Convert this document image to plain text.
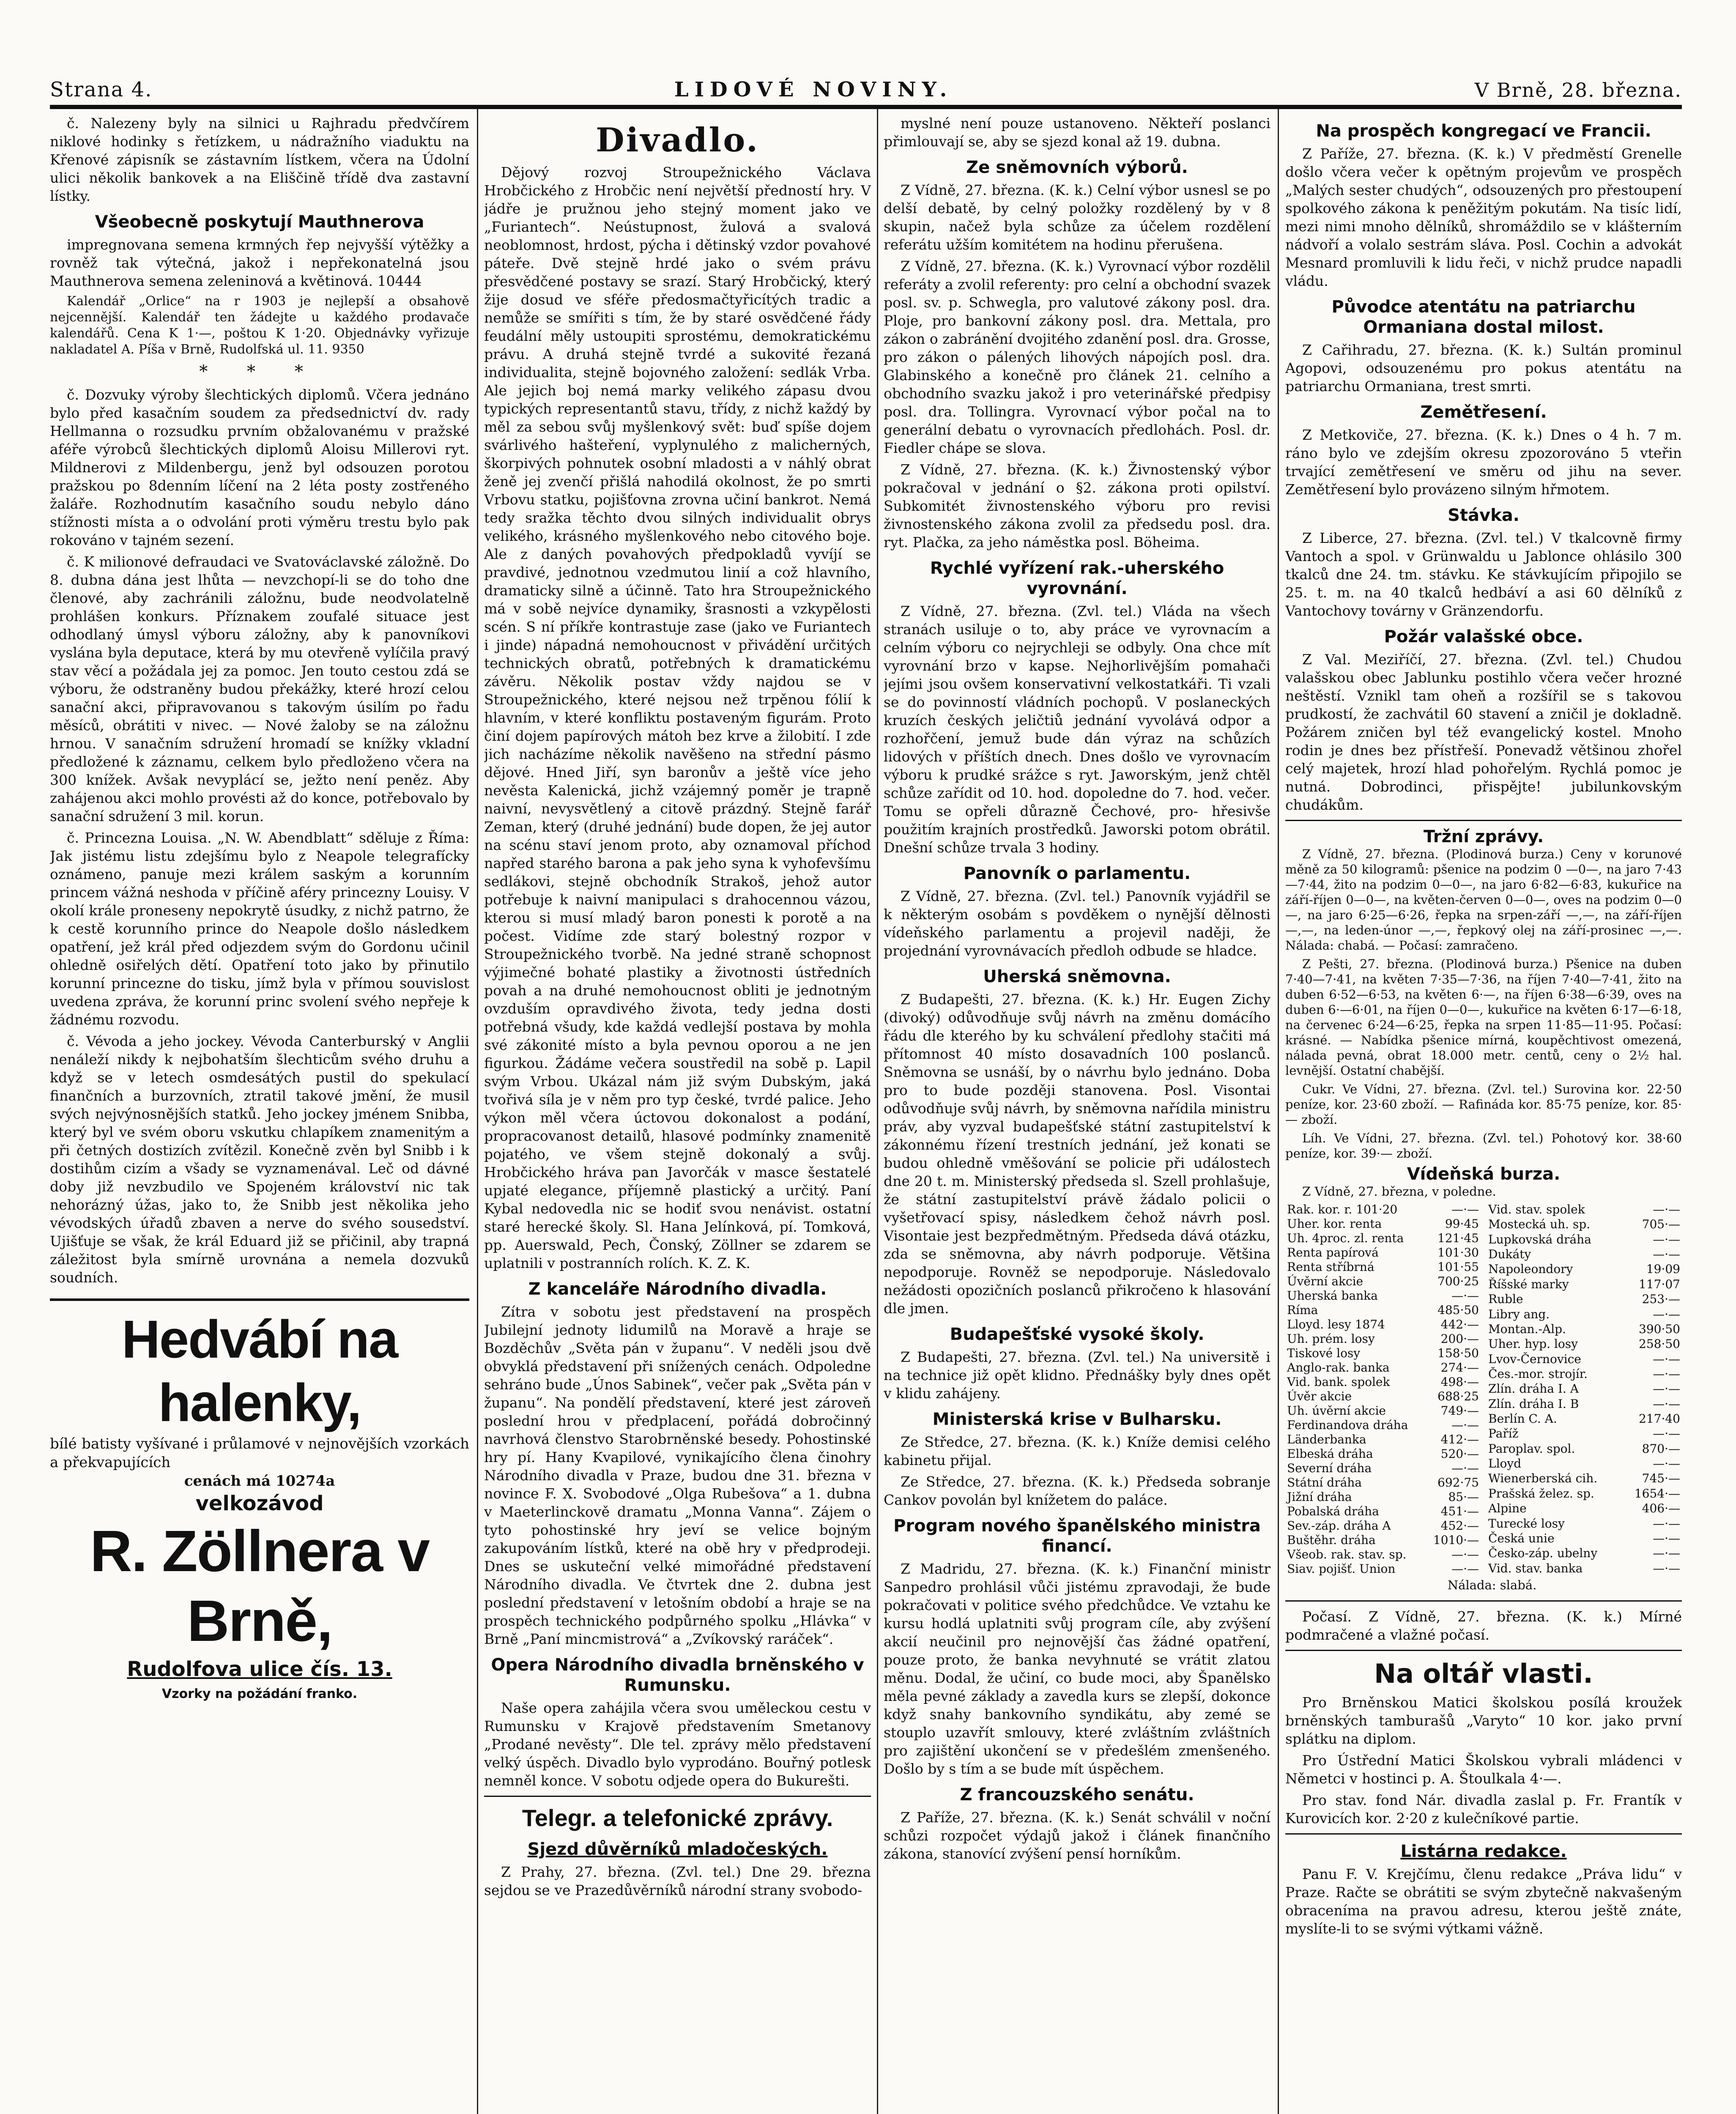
Strana 4.	LIDOVÉ NOVINY.	V Brně, 28. března.

č. Nalezeny byly na silnici u Rajhradu předvčírem niklové hodinky s řetízkem, u nádražního viaduktu na Křenové zápisník se zástavním lístkem, včera na Údolní ulici několik bankovek a na Eliščině třídě dva zastavní lístky.

Všeobecně poskytují Mauthnerova

impregnovana semena krmných řep nejvyšší výtěžky a rovněž tak výtečná, jakož i nepřekonatelná jsou Mauthnerova semena zeleninová a květinová. 10444

Kalendář „Orlice“ na r 1903 je nejlepší a obsahově nejcennější. Kalendář ten žádejte u každého prodavače kalendářů. Cena K 1·—, poštou K 1·20. Objednávky vyřizuje nakladatel A. Píša v Brně, Rudolfská ul. 11. 9350

* * *

č. Dozvuky výroby šlechtických diplomů. Včera jednáno bylo před kasačním soudem za předsednictví dv. rady Hellmanna o rozsudku prvním obžalovanému v pražské aféře výrobců šlechtických diplomů Aloisu Millerovi ryt. Mildnerovi z Mildenbergu, jenž byl odsouzen porotou pražskou po 8denním líčení na 2 léta posty zostřeného žaláře. Rozhodnutím kasačního soudu nebylo dáno stížnosti místa a o odvolání proti výměru trestu bylo pak rokováno v tajném sezení.

č. K milionové defraudaci ve Svatováclavské záložně. Do 8. dubna dána jest lhůta — nevzchopí-li se do toho dne členové, aby zachránili záložnu, bude neodvolatelně prohlášen konkurs. Příznakem zoufalé situace jest odhodlaný úmysl výboru záložny, aby k panovníkovi vyslána byla deputace, která by mu otevřeně vylíčila pravý stav věcí a požádala jej za pomoc. Jen touto cestou zdá se výboru, že odstraněny budou překážky, které hrozí celou sanační akci, připravovanou s takovým úsilím po řadu měsíců, obrátiti v nivec. — Nové žaloby se na záložnu hrnou. V sanačním sdružení hromadí se knížky vkladní předložené k záznamu, celkem bylo předloženo včera na 300 knížek. Avšak nevyplácí se, ježto není peněz. Aby zahájenou akci mohlo provésti až do konce, potřebovalo by sanační sdružení 3 mil. korun.

č. Princezna Louisa. „N. W. Abendblatt“ sděluje z Říma: Jak jistému listu zdejšímu bylo z Neapole telegrafícky oznámeno, panuje mezi králem saským a korunním princem vážná neshoda v příčině aféry princezny Louisy. V okolí krále proneseny nepokrytě úsudky, z nichž patrno, že k cestě korunního prince do Neapole došlo následkem opatření, jež král před odjezdem svým do Gordonu učinil ohledně osiřelých dětí. Opatření toto jako by přinutilo korunní princezne do tisku, jímž byla v přímou souvislost uvedena zpráva, že korunní princ svolení svého nepřeje k žádnému rozvodu.

č. Vévoda a jeho jockey. Vévoda Canterburský v Anglii nenáleží nikdy k nejbohatším šlechticům svého druhu a když se v letech osmdesátých pustil do spekulací finančních a burzovních, ztratil takové jmění, že musil svých nejvýnosnějších statků. Jeho jockey jménem Snibba, který byl ve svém oboru vskutku chlapíkem znamenitým a při četných dostizích zvítězil. Konečně zvěn byl Snibb i k dostihům cizím a všady se vyznamenával. Leč od dávné doby již nevzbudilo ve Spojeném království nic tak nehorázný úžas, jako to, že Snibb jest několika jeho vévodských úřadů zbaven a nerve do svého sousedství. Ujišťuje se však, že král Eduard již se přičinil, aby trapná záležitost byla smírně urovnána a nemela dozvuků soudních.

Hedvábí na halenky,
bílé batisty vyšívané i průlamové v nejnovějších vzorkách a překvapujících
cenách má 10274a
velkozávod
R. Zöllnera v Brně,
Rudolfova ulice čís. 13.
Vzorky na požádání franko.
Divadlo.

Dějový rozvoj Stroupežnického Václava Hrobčického z Hrobčic není největší předností hry. V jádře je pružnou jeho stejný moment jako ve „Furiantech“. Neústupnost, žulová a svalová neoblomnost, hrdost, pýcha i dětinský vzdor povahové páteře. Dvě stejně hrdé jako o svém právu přesvědčené postavy se srazí. Starý Hrobčický, který žije dosud ve sféře předosmačtyřicítých tradic a nemůže se smířiti s tím, že by staré osvědčené řády feudální měly ustoupiti sprostému, demokratickému právu. A druhá stejně tvrdé a sukovité řezaná individualita, stejně bojovného založení: sedlák Vrba. Ale jejich boj nemá marky velikého zápasu dvou typických representantů stavu, třídy, z nichž každý by měl za sebou svůj myšlenkový svět: buď spíše dojem svárlivého hašteření, vyplynulého z malicherných, škorpivých pohnutek osobní mladosti a v náhlý obrat ženě jej zvenčí přišlá nahodilá okolnost, že po smrti Vrbovu statku, pojišťovna zrovna učiní bankrot. Nemá tedy sražka těchto dvou silných individualit obrys velikého, krásného myšlenkového nebo citového boje. Ale z daných povahových předpokladů vyvíjí se pravdivé, jednotnou vzedmutou linií a což hlavního, dramaticky silně a účinně. Tato hra Stroupežnického má v sobě nejvíce dynamiky, šrasnosti a vzkypělosti scén. S ní příkře kontrastuje zase (jako ve Furiantech i jinde) nápadná nemohoucnost v přivádění určitých technických obratů, potřebných k dramatickému závěru. Několik postav vždy najdou se v Stroupežnického, které nejsou než trpěnou fólií k hlavním, v které konfliktu postaveným figurám. Proto činí dojem papírových mátoh bez krve a žilobití. I zde jich nacházíme několik navěšeno na střední pásmo dějové. Hned Jiří, syn baronův a ještě více jeho nevěsta Kalenická, jichž vzájemný poměr je trapně naivní, nevysvětlený a citově prázdný. Stejně farář Zeman, který (druhé jednání) bude dopen, že jej autor na scénu staví jenom proto, aby oznamoval příchod napřed starého barona a pak jeho syna k vyhofevšímu sedlákovi, stejně obchodník Strakoš, jehož autor potřebuje k naivní manipulaci s drahocennou vázou, kterou si musí mladý baron ponesti k porotě a na počest. Vidíme zde starý bolestný rozpor v Stroupežnického tvorbě. Na jedné straně schopnost výjimečné bohaté plastiky a životnosti ústředních povah a na druhé nemohoucnost obliti je jednotným ovzduším opravdivého života, tedy jedna dosti potřebná všudy, kde každá vedlejší postava by mohla své zákonité místo a byla pevnou oporou a ne jen figurkou. Žádáme večera soustředil na sobě p. Lapil svým Vrbou. Ukázal nám již svým Dubským, jaká tvořivá síla je v něm pro typ české, tvrdé palice. Jeho výkon měl včera úctovou dokonalost a podání, propracovanost detailů, hlasové podmínky znamenitě pojatého, ve všem stejně dokonalý a svůj. Hrobčického hráva pan Javorčák v masce šestatelé upjaté elegance, příjemně plastický a určitý. Paní Kybal nedovedla nic se hodiť svou nenávist. ostatní staré herecké školy. Sl. Hana Jelínková, pí. Tomková, pp. Auerswald, Pech, Čonský, Zöllner se zdarem se uplatnili v postranních rolích. K. Z. K.

Z kanceláře Národního divadla.

Zítra v sobotu jest představení na prospěch Jubilejní jednoty lidumilů na Moravě a hraje se Bozděchův „Světa pán v županu“. V neděli jsou dvě obvyklá představení při snížených cenách. Odpoledne sehráno bude „Únos Sabinek“, večer pak „Světa pán v županu“. Na pondělí představení, které jest zároveň poslední hrou v předplacení, pořádá dobročinný navrhová členstvo Starobrněnské besedy. Pohostinské hry pí. Hany Kvapilové, vynikajícího člena činohry Národního divadla v Praze, budou dne 31. března v novince F. X. Svobodové „Olga Rubešova“ a 1. dubna v Maeterlinckově dramatu „Monna Vanna“. Zájem o tyto pohostinské hry jeví se velice bojným zakupováním lístků, které na obě hry v předprodeji. Dnes se uskuteční velké mimořádné představení Národního divadla. Ve čtvrtek dne 2. dubna jest poslední představení v letošním období a hraje se na prospěch technického podpůrného spolku „Hlávka“ v Brně „Paní mincmistrová“ a „Zvíkovský raráček“.

Opera Národního divadla brněnského v Rumunsku.

Naše opera zahájila včera svou uměleckou cestu v Rumunsku v Krajově představením Smetanovy „Prodané nevěsty“. Dle tel. zprávy mělo představení velký úspěch. Divadlo bylo vyprodáno. Bouřný potlesk nemněl konce. V sobotu odjede opera do Bukurešti.

Telegr. a telefonické zprávy.
Sjezd důvěrníků mladočeských.

Z Prahy, 27. března. (Zvl. tel.) Dne 29. března sejdou se ve Prazedůvěrníků národní strany svobodo-

myslné není pouze ustanoveno. Někteří poslanci přimlouvají se, aby se sjezd konal až 19. dubna.

Ze sněmovních výborů.

Z Vídně, 27. března. (K. k.) Celní výbor usnesl se po delší debatě, by celný položky rozdělený by v 8 skupin, načež byla schůze za účelem rozdělení referátu užším komitétem na hodinu přerušena.

Z Vídně, 27. března. (K. k.) Vyrovnací výbor rozdělil referáty a zvolil referenty: pro celní a obchodní svazek posl. sv. p. Schwegla, pro valutové zákony posl. dra. Ploje, pro bankovní zákony posl. dra. Mettala, pro zákon o zabránění dvojitého zdanění posl. dra. Grosse, pro zákon o pálených lihových nápojích posl. dra. Glabinského a konečně pro článek 21. celního a obchodního svazku jakož i pro veterinářské předpisy posl. dra. Tollingra. Vyrovnací výbor počal na to generální debatu o vyrovnacích předlohách. Posl. dr. Fiedler chápe se slova.

Z Vídně, 27. března. (K. k.) Živnostenský výbor pokračoval v jednání o §2. zákona proti opilství. Subkomitét živnostenského výboru pro revisi živnostenského zákona zvolil za předsedu posl. dra. ryt. Plačka, za jeho náměstka posl. Böheima.

Rychlé vyřízení rak.-uherského vyrovnání.

Z Vídně, 27. března. (Zvl. tel.) Vláda na všech stranách usiluje o to, aby práce ve vyrovnacím a celním výboru co nejrychleji se odbyly. Ona chce mít vyrovnání brzo v kapse. Nejhorlivějším pomahači jejími jsou ovšem konservativní velkostatkáři. Ti vzali se do povinností vládních pochopů. V poslaneckých kruzích českých jeličtiů jednání vyvolává odpor a rozhořčení, jemuž bude dán výraz na schůzích lidových v příštích dnech. Dnes došlo ve vyrovnacím výboru k prudké srážce s ryt. Jaworským, jenž chtěl schůze zařídit od 10. hod. dopoledne do 7. hod. večer. Tomu se opřeli důrazně Čechové, pro- hřesivše použitím krajních prostředků. Jaworski potom obrátil. Dnešní schůze trvala 3 hodiny.

Panovník o parlamentu.

Z Vídně, 27. března. (Zvl. tel.) Panovník vyjádřil se k některým osobám s povděkem o nynější dělnosti vídeňského parlamentu a projevil naději, že projednání vyrovnávacích předloh odbude se hladce.

Uherská sněmovna.

Z Budapešti, 27. března. (K. k.) Hr. Eugen Zichy (divoký) odůvodňuje svůj návrh na změnu domácího řádu dle kterého by ku schválení předlohy stačiti má přítomnost 40 místo dosavadních 100 poslanců. Sněmovna se usnáší, by o návrhu bylo jednáno. Doba pro to bude později stanovena. Posl. Visontai odůvodňuje svůj návrh, by sněmovna nařídila ministru práv, aby vyzval budapešťské státní zastupitelství k zákonnému řízení trestních jednání, jež konati se budou ohledně vměšování se policie při událostech dne 20 t. m. Ministerský předseda sl. Szell prohlašuje, že státní zastupitelství právě žádalo policii o vyšetřovací spisy, následkem čehož návrh posl. Visontaie jest bezpředmětným. Předseda dává otázku, zda se sněmovna, aby návrh podporuje. Většina nepodporuje. Rovněž se nepodporuje. Následovalo nežádosti opozičních poslanců přikročeno k hlasování dle jmen.

Budapešťské vysoké školy.

Z Budapešti, 27. března. (Zvl. tel.) Na universitě i na technice již opět klidno. Přednášky byly dnes opět v klidu zahájeny.

Ministerská krise v Bulharsku.

Ze Středce, 27. března. (K. k.) Kníže demisi celého kabinetu přijal.

Ze Středce, 27. března. (K. k.) Předseda sobranje Cankov povolán byl knížetem do paláce.

Program nového španělského ministra financí.

Z Madridu, 27. března. (K. k.) Finanční ministr Sanpedro prohlásil vůči jistému zpravodaji, že bude pokračovati v politice svého předchůdce. Ve vztahu ke kursu hodlá uplatniti svůj program cíle, aby zvýšení akcií neučinil pro nejnovější čas žádné opatření, pouze proto, že banka nevyhnuté se vrátit zlatou měnu. Dodal, že učiní, co bude moci, aby Španělsko měla pevné základy a zavedla kurs se zlepší, dokonce když snahy bankovního syndikátu, aby zemé se stouplo uzavřít smlouvy, které zvláštním zvláštních pro zajištění ukončení se v předešlém zmenšeného. Došlo by s tím a se bude mít úspěchem.

Z francouzského senátu.

Z Paříže, 27. března. (K. k.) Senát schválil v noční schůzi rozpočet výdajů jakož i článek finančního zákona, stanovící zvýšení pensí horníkům.

Na prospěch kongregací ve Francii.

Z Paříže, 27. března. (K. k.) V předměstí Grenelle došlo včera večer k opětným projevům ve prospěch „Malých sester chudých“, odsouzených pro přestoupení spolkového zákona k peněžitým pokutám. Na tisíc lidí, mezi nimi mnoho dělníků, shromáždilo se v klášterním nádvoří a volalo sestrám sláva. Posl. Cochin a advokát Mesnard promluvili k lidu řeči, v nichž prudce napadli vládu.

Původce atentátu na patriarchu Ormaniana dostal milost.

Z Cařihradu, 27. března. (K. k.) Sultán prominul Agopovi, odsouzenému pro pokus atentátu na patriarchu Ormaniana, trest smrti.

Zemětřesení.

Z Metkoviče, 27. března. (K. k.) Dnes o 4 h. 7 m. ráno bylo ve zdejším okresu zpozorováno 5 vteřin trvající zemětřesení ve směru od jihu na sever. Zemětřesení bylo provázeno silným hřmotem.

Stávka.

Z Liberce, 27. března. (Zvl. tel.) V tkalcovně firmy Vantoch a spol. v Grünwaldu u Jablonce ohlásilo 300 tkalců dne 24. tm. stávku. Ke stávkujícím připojilo se 25. t. m. na 40 tkalců hedbáví a asi 60 dělníků z Vantochovy továrny v Gränzendorfu.

Požár valašské obce.

Z Val. Meziříčí, 27. března. (Zvl. tel.) Chudou valašskou obec Jablunku postihlo včera večer hrozné neštěstí. Vznikl tam oheň a rozšířil se s takovou prudkostí, že zachvátil 60 stavení a zničil je dokladně. Požárem zničen byl též evangelický kostel. Mnoho rodin je dnes bez přístřeší. Ponevadž většinou zhořel celý majetek, hrozí hlad pohořelým. Rychlá pomoc je nutná. Dobrodinci, přispějte! jubilunkovským chudákům.

Tržní zprávy.

Z Vídně, 27. března. (Plodinová burza.) Ceny v korunové měně za 50 kilogramů: pšenice na podzim 0 —0—, na jaro 7·43—7·44, žito na podzim 0—0—, na jaro 6·82—6·83, kukuřice na září-říjen 0—0—, na květen-červen 0—0—, oves na podzim 0—0—, na jaro 6·25—6·26, řepka na srpen-září —,—, na září-říjen —,—, na leden-únor —,—, řepkový olej na září-prosinec —,—. Nálada: chabá. — Počasí: zamračeno.

Z Pešti, 27. března. (Plodinová burza.) Pšenice na duben 7·40—7·41, na květen 7·35—7·36, na říjen 7·40—7·41, žito na duben 6·52—6·53, na květen 6·—, na říjen 6·38—6·39, oves na duben 6·—6·01, na říjen 0—0—, kukuřice na květen 6·17—6·18, na červenec 6·24—6·25, řepka na srpen 11·85—11·95. Počasí: krásné. — Nabídka pšenice mírná, koupěchtivost omezená, nálada pevná, obrat 18.000 metr. centů, ceny o 2½ hal. levnější. Ostatní chabější.

Cukr. Ve Vídni, 27. března. (Zvl. tel.) Surovina kor. 22·50 peníze, kor. 23·60 zboží. — Rafináda kor. 85·75 peníze, kor. 85·— zboží.

Líh. Ve Vídni, 27. března. (Zvl. tel.) Pohotový kor. 38·60 peníze, kor. 39·— zboží.

Vídeňská burza.

Z Vídně, 27. března, v poledne.

Rak. kor. r. 101·20	—·—
Uher. kor. renta	99·45
Uh. 4proc. zl. renta	121·45
Renta papírová	101·30
Renta stříbrná	101·55
Úvěrní akcie	700·25
Uherská banka	—·—
Ríma	485·50
Lloyd. lesy 1874	442·—
Uh. prém. losy	200·—
Tiskové losy	158·50
Anglo-rak. banka	274·—
Vid. bank. spolek	498·—
Úvěr akcie	688·25
Uh. úvěrní akcie	749·—
Ferdinandova dráha	—·—
Länderbanka	412·—
Elbeská dráha	520·—
Severní dráha	—·—
Státní dráha	692·75
Jižní dráha	85·—
Pobalská dráha	451·—
Sev.-záp. dráha A	452·—
Buštěhr. dráha	1010·—
Všeob. rak. stav. sp.	—·—
Siav. pojišť. Union	—·—
Vid. stav. spolek	—·—
Mostecká uh. sp.	705·—
Lupkovská dráha	—·—
Dukáty	—·—
Napoleondory	19·09
Říšské marky	117·07
Ruble	253·—
Libry ang.	—·—
Montan.-Alp.	390·50
Uher. hyp. losy	258·50
Lvov-Černovice	—·—
Čes.-mor. strojír.	—·—
Zlín. dráha I. A	—·—
Zlín. dráha I. B	—·—
Berlín C. A.	217·40
Paříž	—·—
Paroplav. spol.	870·—
Lloyd	—·—
Wienerberská cih.	745·—
Prašská želez. sp.	1654·—
Alpine	406·—
Turecké losy	—·—
Česká unie	—·—
Česko-záp. ubelny	—·—
Vid. stav. banka	—·—

Nálada: slabá.

Počasí. Z Vídně, 27. března. (K. k.) Mírné podmračené a vlažné počasí.

Na oltář vlasti.

Pro Brněnskou Matici školskou posílá kroužek brněnských tamburašů „Varyto“ 10 kor. jako první splátku na diplom.

Pro Ústřední Matici Školskou vybrali mládenci v Němetci v hostinci p. A. Štoulkala 4·—.

Pro stav. fond Nár. divadla zaslal p. Fr. Frantík v Kurovicích kor. 2·20 z kulečníkové partie.

Listárna redakce.

Panu F. V. Krejčímu, členu redakce „Práva lidu“ v Praze. Račte se obrátiti se svým zbytečně nakvašeným obraceníma na pravou adresu, kterou ještě znáte, myslíte-li to se svými výtkami vážně.
